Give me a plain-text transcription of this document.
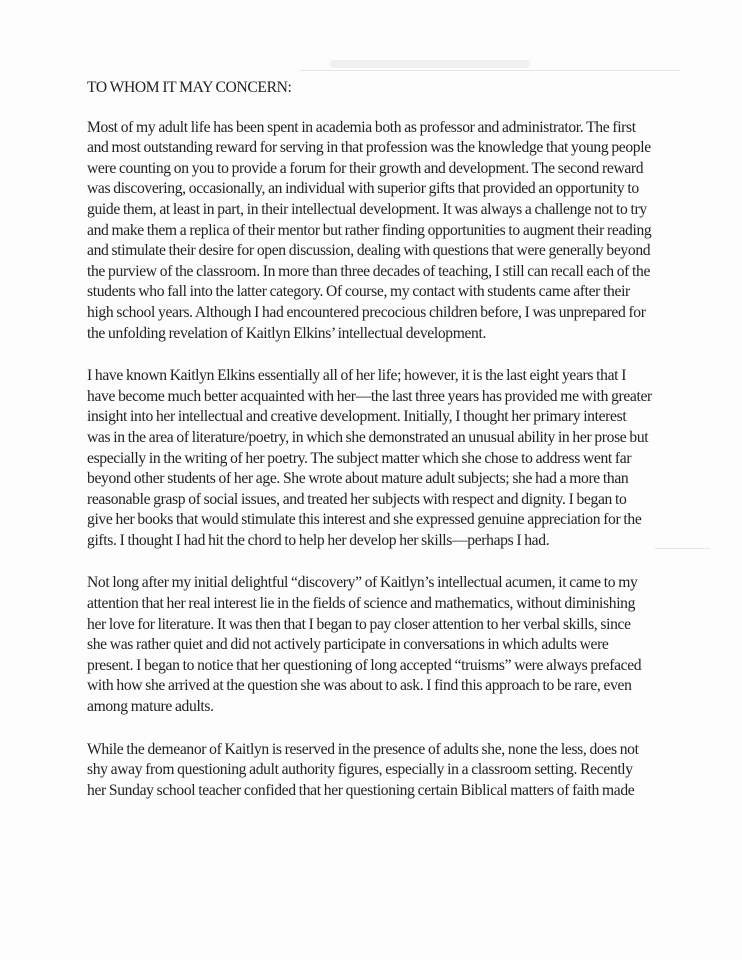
TO WHOM IT MAY CONCERN:
Most of my adult life has been spent in academia both as professor and administrator. The first
and most outstanding reward for serving in that profession was the knowledge that young people
were counting on you to provide a forum for their growth and development. The second reward
was discovering, occasionally, an individual with superior gifts that provided an opportunity to
guide them, at least in part, in their intellectual development. It was always a challenge not to try
and make them a replica of their mentor but rather finding opportunities to augment their reading
and stimulate their desire for open discussion, dealing with questions that were generally beyond
the purview of the classroom. In more than three decades of teaching, I still can recall each of the
students who fall into the latter category. Of course, my contact with students came after their
high school years. Although I had encountered precocious children before, I was unprepared for
the unfolding revelation of Kaitlyn Elkins’ intellectual development.
I have known Kaitlyn Elkins essentially all of her life; however, it is the last eight years that I
have become much better acquainted with her—the last three years has provided me with greater
insight into her intellectual and creative development. Initially, I thought her primary interest
was in the area of literature/poetry, in which she demonstrated an unusual ability in her prose but
especially in the writing of her poetry. The subject matter which she chose to address went far
beyond other students of her age. She wrote about mature adult subjects; she had a more than
reasonable grasp of social issues, and treated her subjects with respect and dignity. I began to
give her books that would stimulate this interest and she expressed genuine appreciation for the
gifts. I thought I had hit the chord to help her develop her skills—perhaps I had.
Not long after my initial delightful “discovery” of Kaitlyn’s intellectual acumen, it came to my
attention that her real interest lie in the fields of science and mathematics, without diminishing
her love for literature. It was then that I began to pay closer attention to her verbal skills, since
she was rather quiet and did not actively participate in conversations in which adults were
present. I began to notice that her questioning of long accepted “truisms” were always prefaced
with how she arrived at the question she was about to ask. I find this approach to be rare, even
among mature adults.
While the demeanor of Kaitlyn is reserved in the presence of adults she, none the less, does not
shy away from questioning adult authority figures, especially in a classroom setting. Recently
her Sunday school teacher confided that her questioning certain Biblical matters of faith made
